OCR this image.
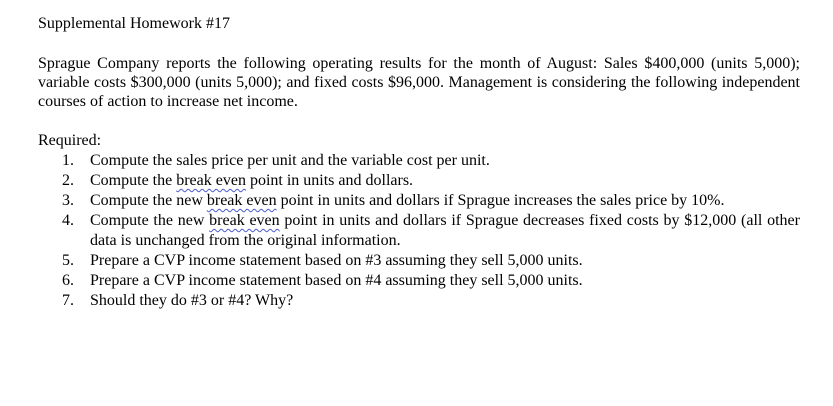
Supplemental Homework #17

Sprague Company reports the following operating results for the month of August: Sales $400,000 (units 5,000); variable costs $300,000 (units 5,000); and fixed costs $96,000. Management is considering the following independent courses of action to increase net income.

Required:

1. Compute the sales price per unit and the variable cost per unit.
2. Compute the break even point in units and dollars.
3. Compute the new break even point in units and dollars if Sprague increases the sales price by 10%.
4. Compute the new break even point in units and dollars if Sprague decreases fixed costs by $12,000 (all other data is unchanged from the original information.
5. Prepare a CVP income statement based on #3 assuming they sell 5,000 units.
6. Prepare a CVP income statement based on #4 assuming they sell 5,000 units.
7. Should they do #3 or #4? Why?
